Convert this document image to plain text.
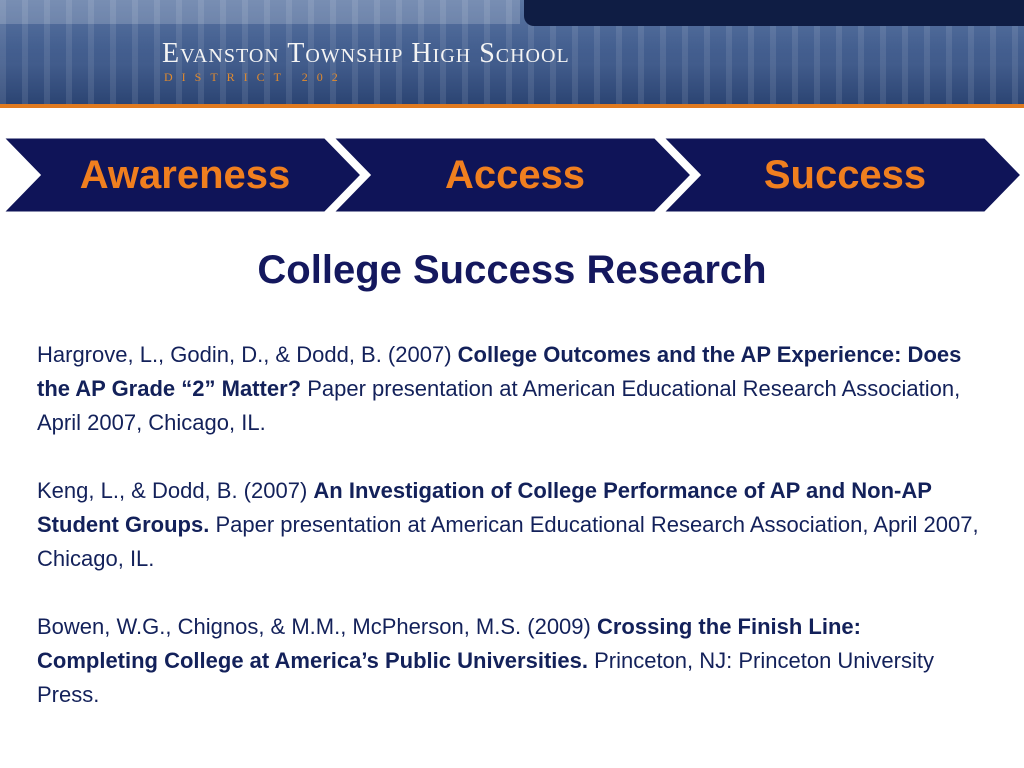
Evanston Township High School
DISTRICT 202
Awareness	Access	Success
College Success Research

Hargrove, L., Godin, D., & Dodd, B. (2007) College Outcomes and the AP Experience: Does the AP Grade “2” Matter? Paper presentation at American Educational Research Association, April 2007, Chicago, IL.

Keng, L., & Dodd, B. (2007) An Investigation of College Performance of AP and Non-AP Student Groups. Paper presentation at American Educational Research Association, April 2007, Chicago, IL.

Bowen, W.G., Chignos, & M.M., McPherson, M.S. (2009) Crossing the Finish Line: Completing College at America’s Public Universities. Princeton, NJ: Princeton University Press.
